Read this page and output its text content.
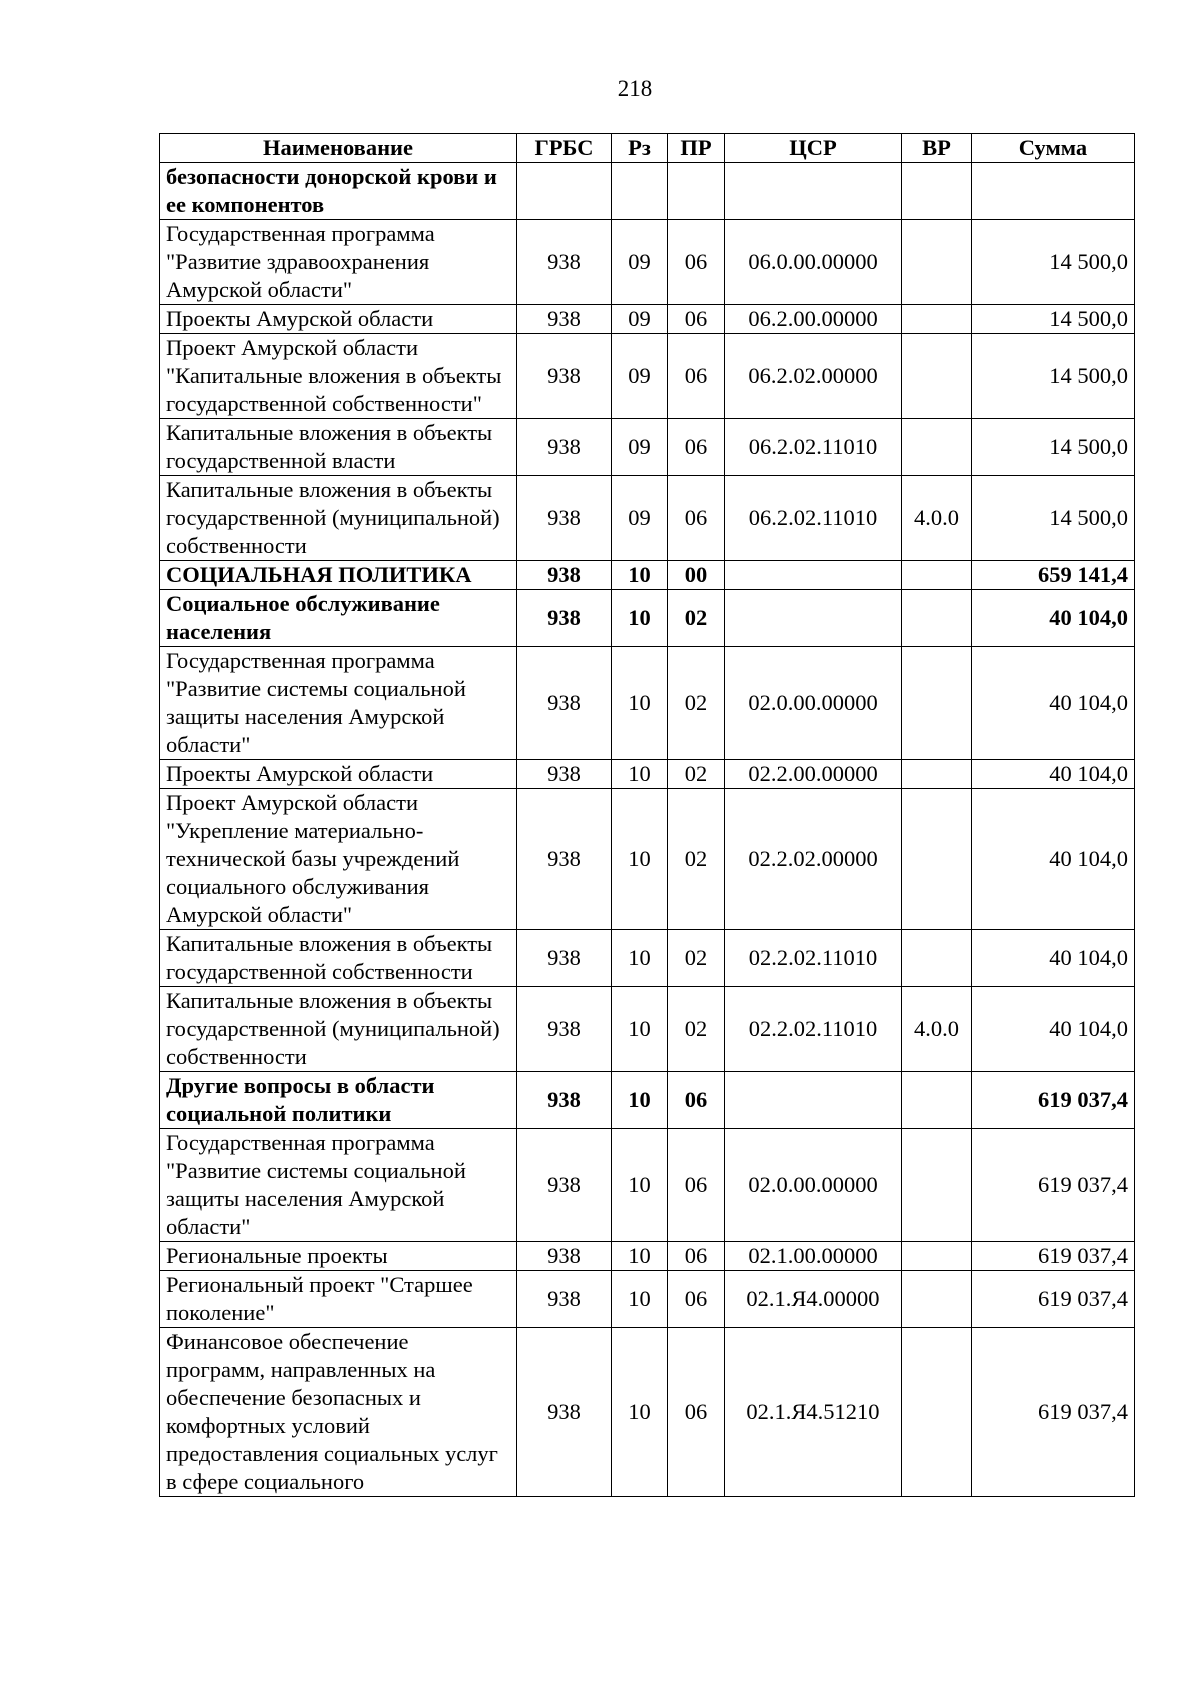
218
Наименование	ГРБС	Рз	ПР	ЦСР	ВР	Сумма
безопасности донорской крови и ее компонентов						
Государственная программа "Развитие здравоохранения Амурской области"	938	09	06	06.0.00.00000		14 500,0
Проекты Амурской области	938	09	06	06.2.00.00000		14 500,0
Проект Амурской области "Капитальные вложения в объекты государственной собственности"	938	09	06	06.2.02.00000		14 500,0
Капитальные вложения в объекты государственной власти	938	09	06	06.2.02.11010		14 500,0
Капитальные вложения в объекты государственной (муниципальной) собственности	938	09	06	06.2.02.11010	4.0.0	14 500,0
СОЦИАЛЬНАЯ ПОЛИТИКА	938	10	00			659 141,4
Социальное обслуживание населения	938	10	02			40 104,0
Государственная программа "Развитие системы социальной защиты населения Амурской области"	938	10	02	02.0.00.00000		40 104,0
Проекты Амурской области	938	10	02	02.2.00.00000		40 104,0
Проект Амурской области "Укрепление материально-технической базы учреждений социального обслуживания Амурской области"	938	10	02	02.2.02.00000		40 104,0
Капитальные вложения в объекты государственной собственности	938	10	02	02.2.02.11010		40 104,0
Капитальные вложения в объекты государственной (муниципальной) собственности	938	10	02	02.2.02.11010	4.0.0	40 104,0
Другие вопросы в области социальной политики	938	10	06			619 037,4
Государственная программа "Развитие системы социальной защиты населения Амурской области"	938	10	06	02.0.00.00000		619 037,4
Региональные проекты	938	10	06	02.1.00.00000		619 037,4
Региональный проект "Старшее поколение"	938	10	06	02.1.Я4.00000		619 037,4
Финансовое обеспечение программ, направленных на обеспечение безопасных и комфортных условий предоставления социальных услуг в сфере социального	938	10	06	02.1.Я4.51210		619 037,4
